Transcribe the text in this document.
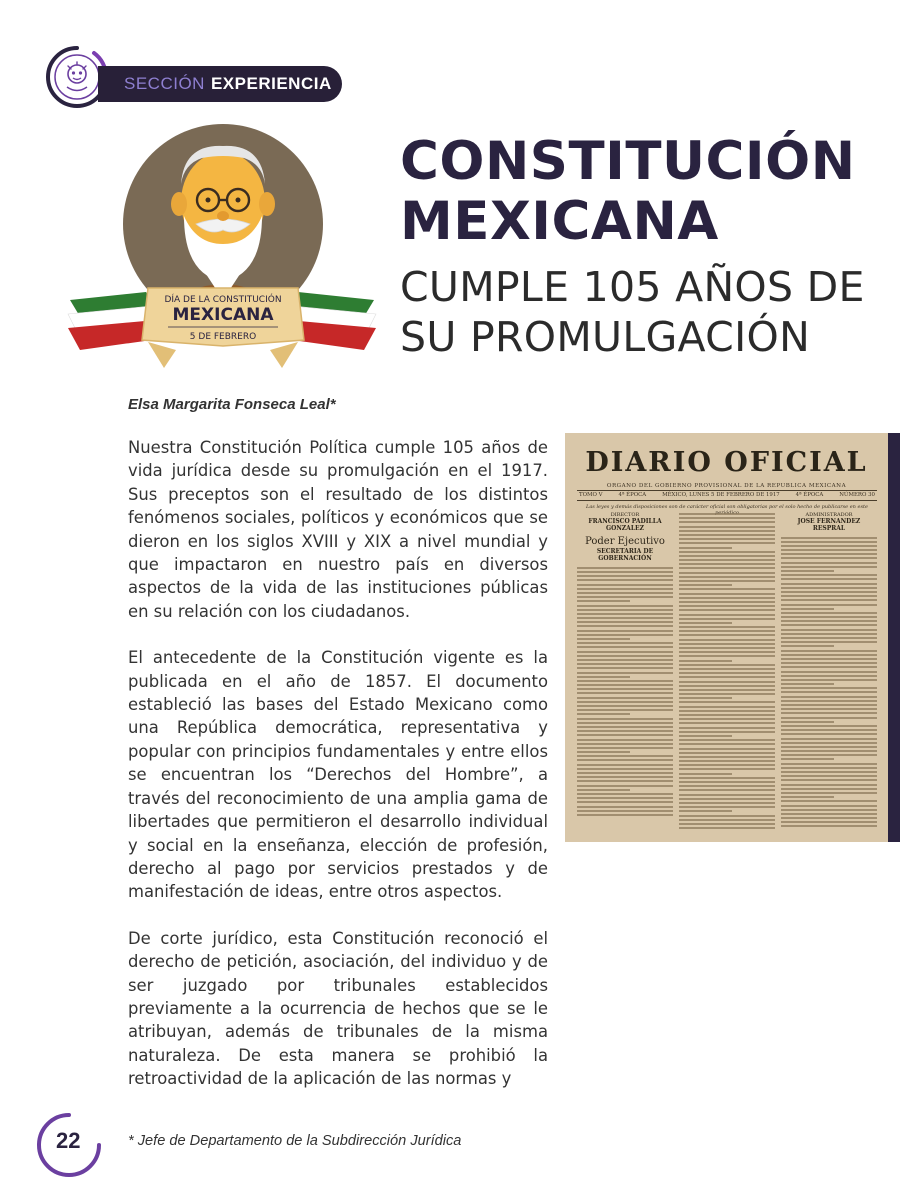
SECCIÓN EXPERIENCIA
DÍA DE LA CONSTITUCIÓN
MEXICANA
5 DE FEBRERO
CONSTITUCIÓN
MEXICANA
CUMPLE 105 AÑOS DE
SU PROMULGACIÓN
Elsa Margarita Fonseca Leal*

Nuestra Constitución Política cumple 105 años de vida jurídica desde su promulgación en el 1917. Sus preceptos son el resultado de los distintos fenómenos sociales, políticos y económicos que se dieron en los siglos XVIII y XIX a nivel mundial y que impactaron en nuestro país en diversos aspectos de la vida de las instituciones públicas en su relación con los ciudadanos.

El antecedente de la Constitución vigente es la publicada en el año de 1857. El documento estableció las bases del Estado Mexicano como una República democrática, representativa y popular con principios fundamentales y entre ellos se encuentran los “Derechos del Hombre”, a través del reconocimiento de una amplia gama de libertades que permitieron el desarrollo individual y social en la enseñanza, elección de profesión, derecho al pago por servicios prestados y de manifestación de ideas, entre otros aspectos.

De corte jurídico, esta Constitución reconoció el derecho de petición, asociación, del individuo y de ser juzgado por tribunales establecidos previamente a la ocurrencia de hechos que se le atribuyan, además de tribunales de la misma naturaleza. De esta manera se prohibió la retroactividad de la aplicación de las normas y

DIARIO OFICIAL
ORGANO DEL GOBIERNO PROVISIONAL DE LA REPUBLICA MEXICANA
TOMO V	4ª ÉPOCA	MÉXICO, LUNES 5 DE FEBRERO DE 1917	4ª ÉPOCA	NÚMERO 30
Las leyes y demás disposiciones son de carácter oficial son obligatorias por el solo hecho de publicarse en este
DIRECTOR
FRANCISCO PADILLA GONZALEZ
Poder Ejecutivo
SECRETARIA DE GOBERNACIÓN
ADMINISTRADOR
JOSE FERNANDEZ RESPRAL
22	* Jefe de Departamento de la Subdirección Jurídica
